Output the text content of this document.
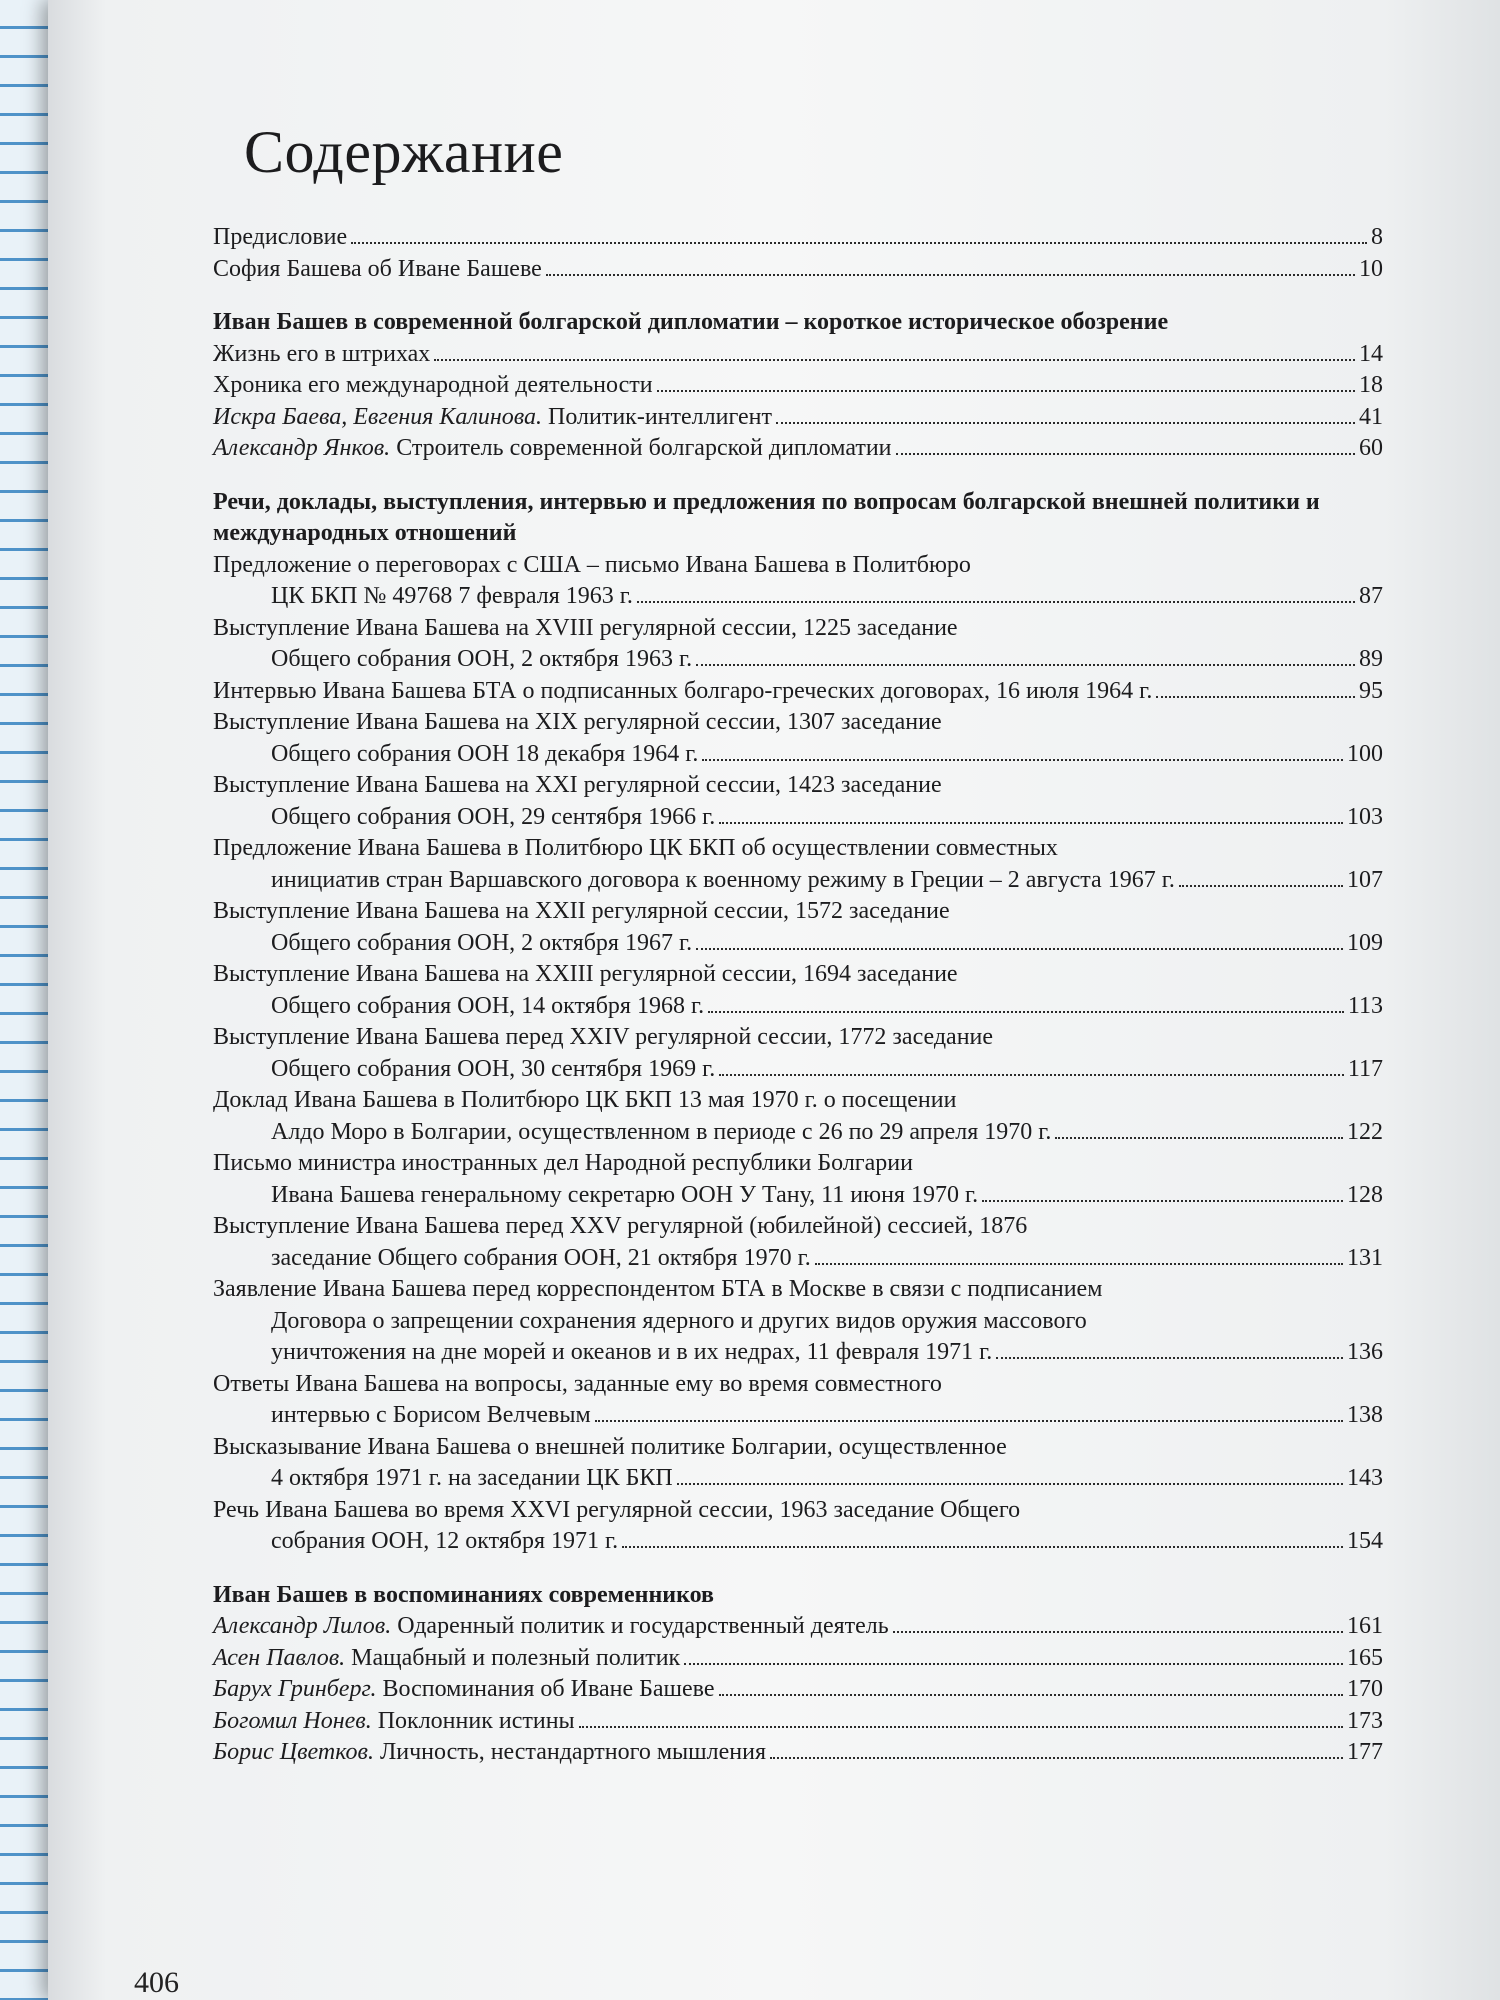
Содержание
Предисловие	8
София Башева об Иване Башеве	10
Иван Башев в современной болгарской дипломатии – короткое историческое обозрение
Жизнь его в штрихах	14
Хроника его международной деятельности	18
Искра Баева, Евгения Калинова. Политик-интеллигент	41
Александр Янков. Строитель современной болгарской дипломатии	60
Речи, доклады, выступления, интервью и предложения по вопросам болгарской внешней политики и международных отношений
Предложение о переговорах с США – письмо Ивана Башева в Политбюро
ЦК БКП № 49768 7 февраля 1963 г.	87
Выступление Ивана Башева на XVIII регулярной сессии, 1225 заседание
Общего собрания ООН, 2 октября 1963 г.	89
Интервью Ивана Башева БТА о подписанных болгаро-греческих договорах, 16 июля 1964 г.	95
Выступление Ивана Башева на XIX регулярной сессии, 1307 заседание
Общего собрания ООН 18 декабря 1964 г.	100
Выступление Ивана Башева на XXI регулярной сессии, 1423 заседание
Общего собрания ООН, 29 сентября 1966 г.	103
Предложение Ивана Башева в Политбюро ЦК БКП об осуществлении совместных
инициатив стран Варшавского договора к военному режиму в Греции – 2 августа 1967 г.	107
Выступление Ивана Башева на XXII регулярной сессии, 1572 заседание
Общего собрания ООН, 2 октября 1967 г.	109
Выступление Ивана Башева на XXIII регулярной сессии, 1694 заседание
Общего собрания ООН, 14 октября 1968 г.	113
Выступление Ивана Башева перед XXIV регулярной сессии, 1772 заседание
Общего собрания ООН, 30 сентября 1969 г.	117
Доклад Ивана Башева в Политбюро ЦК БКП 13 мая 1970 г. о посещении
Алдо Моро в Болгарии, осуществленном в периоде с 26 по 29 апреля 1970 г.	122
Письмо министра иностранных дел Народной республики Болгарии
Ивана Башева генеральному секретарю ООН У Тану, 11 июня 1970 г.	128
Выступление Ивана Башева перед XXV регулярной (юбилейной) сессией, 1876
заседание Общего собрания ООН, 21 октября 1970 г.	131
Заявление Ивана Башева перед корреспондентом БТА в Москве в связи с подписанием
Договора о запрещении сохранения ядерного и других видов оружия массового
уничтожения на дне морей и океанов и в их недрах, 11 февраля 1971 г.	136
Ответы Ивана Башева на вопросы, заданные ему во время совместного
интервью с Борисом Велчевым	138
Высказывание Ивана Башева о внешней политике Болгарии, осуществленное
4 октября 1971 г. на заседании ЦК БКП	143
Речь Ивана Башева во время XXVI регулярной сессии, 1963 заседание Общего
собрания ООН, 12 октября 1971 г.	154
Иван Башев в воспоминаниях современников
Александр Лилов. Одаренный политик и государственный деятель	161
Асен Павлов. Мащабный и полезный политик	165
Барух Гринберг. Воспоминания об Иване Башеве	170
Богомил Нонев. Поклонник истины	173
Борис Цветков. Личность, нестандартного мышления	177
406
